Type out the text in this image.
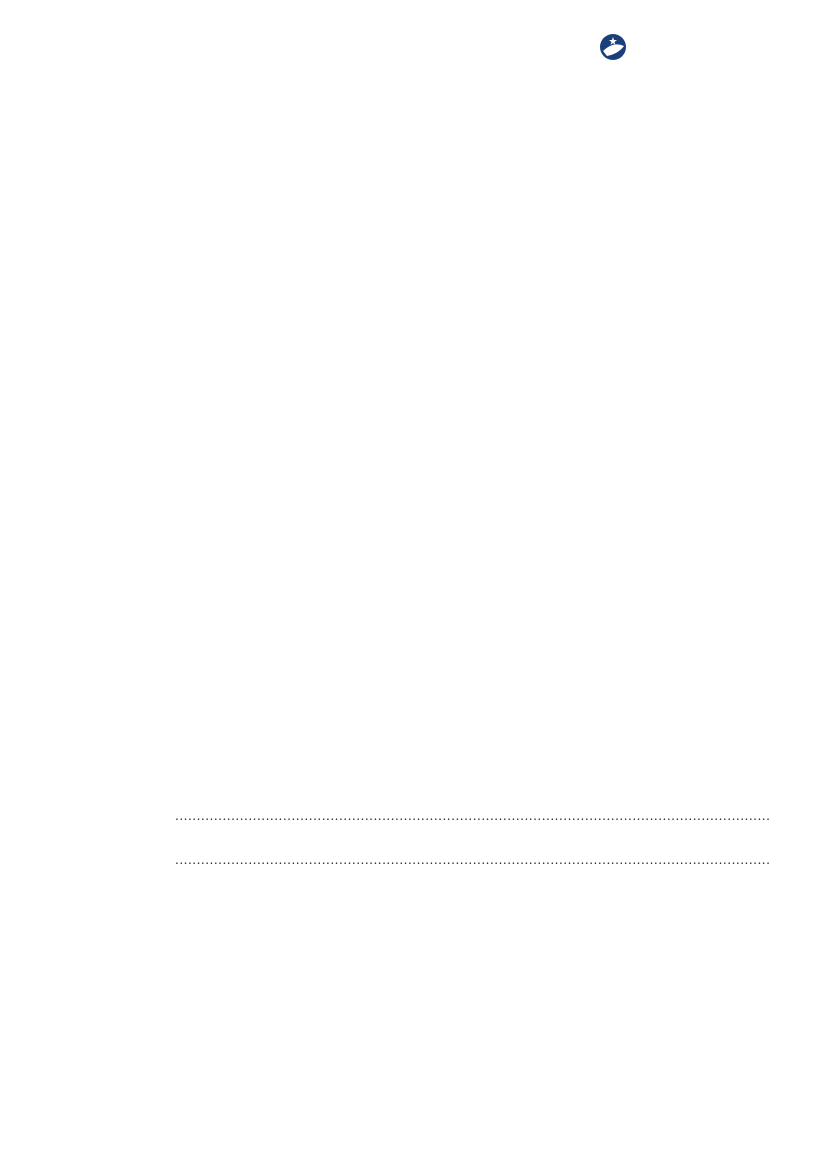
..........................................................................................................................................
..........................................................................................................................................
